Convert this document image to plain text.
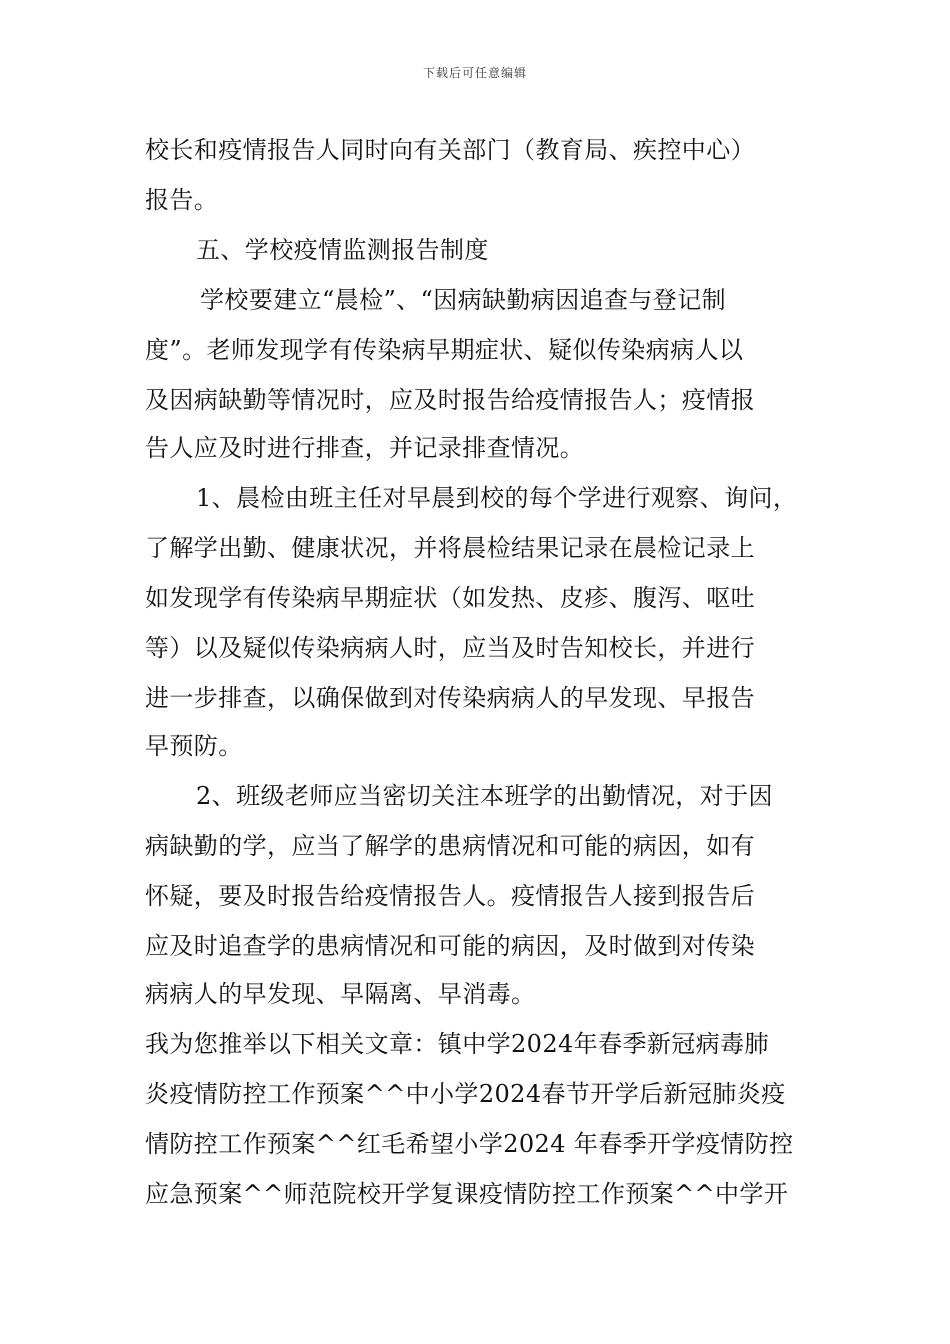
下载后可任意编辑
校长和疫情报告人同时向有关部门（教育局、疾控中心）
报告。
五、学校疫情监测报告制度
学校要建立“晨检”、“因病缺勤病因追查与登记制
度”。老师发现学有传染病早期症状、疑似传染病病人以
及因病缺勤等情况时，应及时报告给疫情报告人；疫情报
告人应及时进行排查，并记录排查情况。
1、晨检由班主任对早晨到校的每个学进行观察、询问，
了解学出勤、健康状况，并将晨检结果记录在晨检记录上
如发现学有传染病早期症状（如发热、皮疹、腹泻、呕吐
等）以及疑似传染病病人时，应当及时告知校长，并进行
进一步排查，以确保做到对传染病病人的早发现、早报告
早预防。
2、班级老师应当密切关注本班学的出勤情况，对于因
病缺勤的学，应当了解学的患病情况和可能的病因，如有
怀疑，要及时报告给疫情报告人。疫情报告人接到报告后
应及时追查学的患病情况和可能的病因，及时做到对传染
病病人的早发现、早隔离、早消毒。
我为您推举以下相关文章：镇中学2024年春季新冠病毒肺
炎疫情防控工作预案^^中小学2024春节开学后新冠肺炎疫
情防控工作预案^^红毛希望小学2024 年春季开学疫情防控
应急预案^^师范院校开学复课疫情防控工作预案^^中学开
